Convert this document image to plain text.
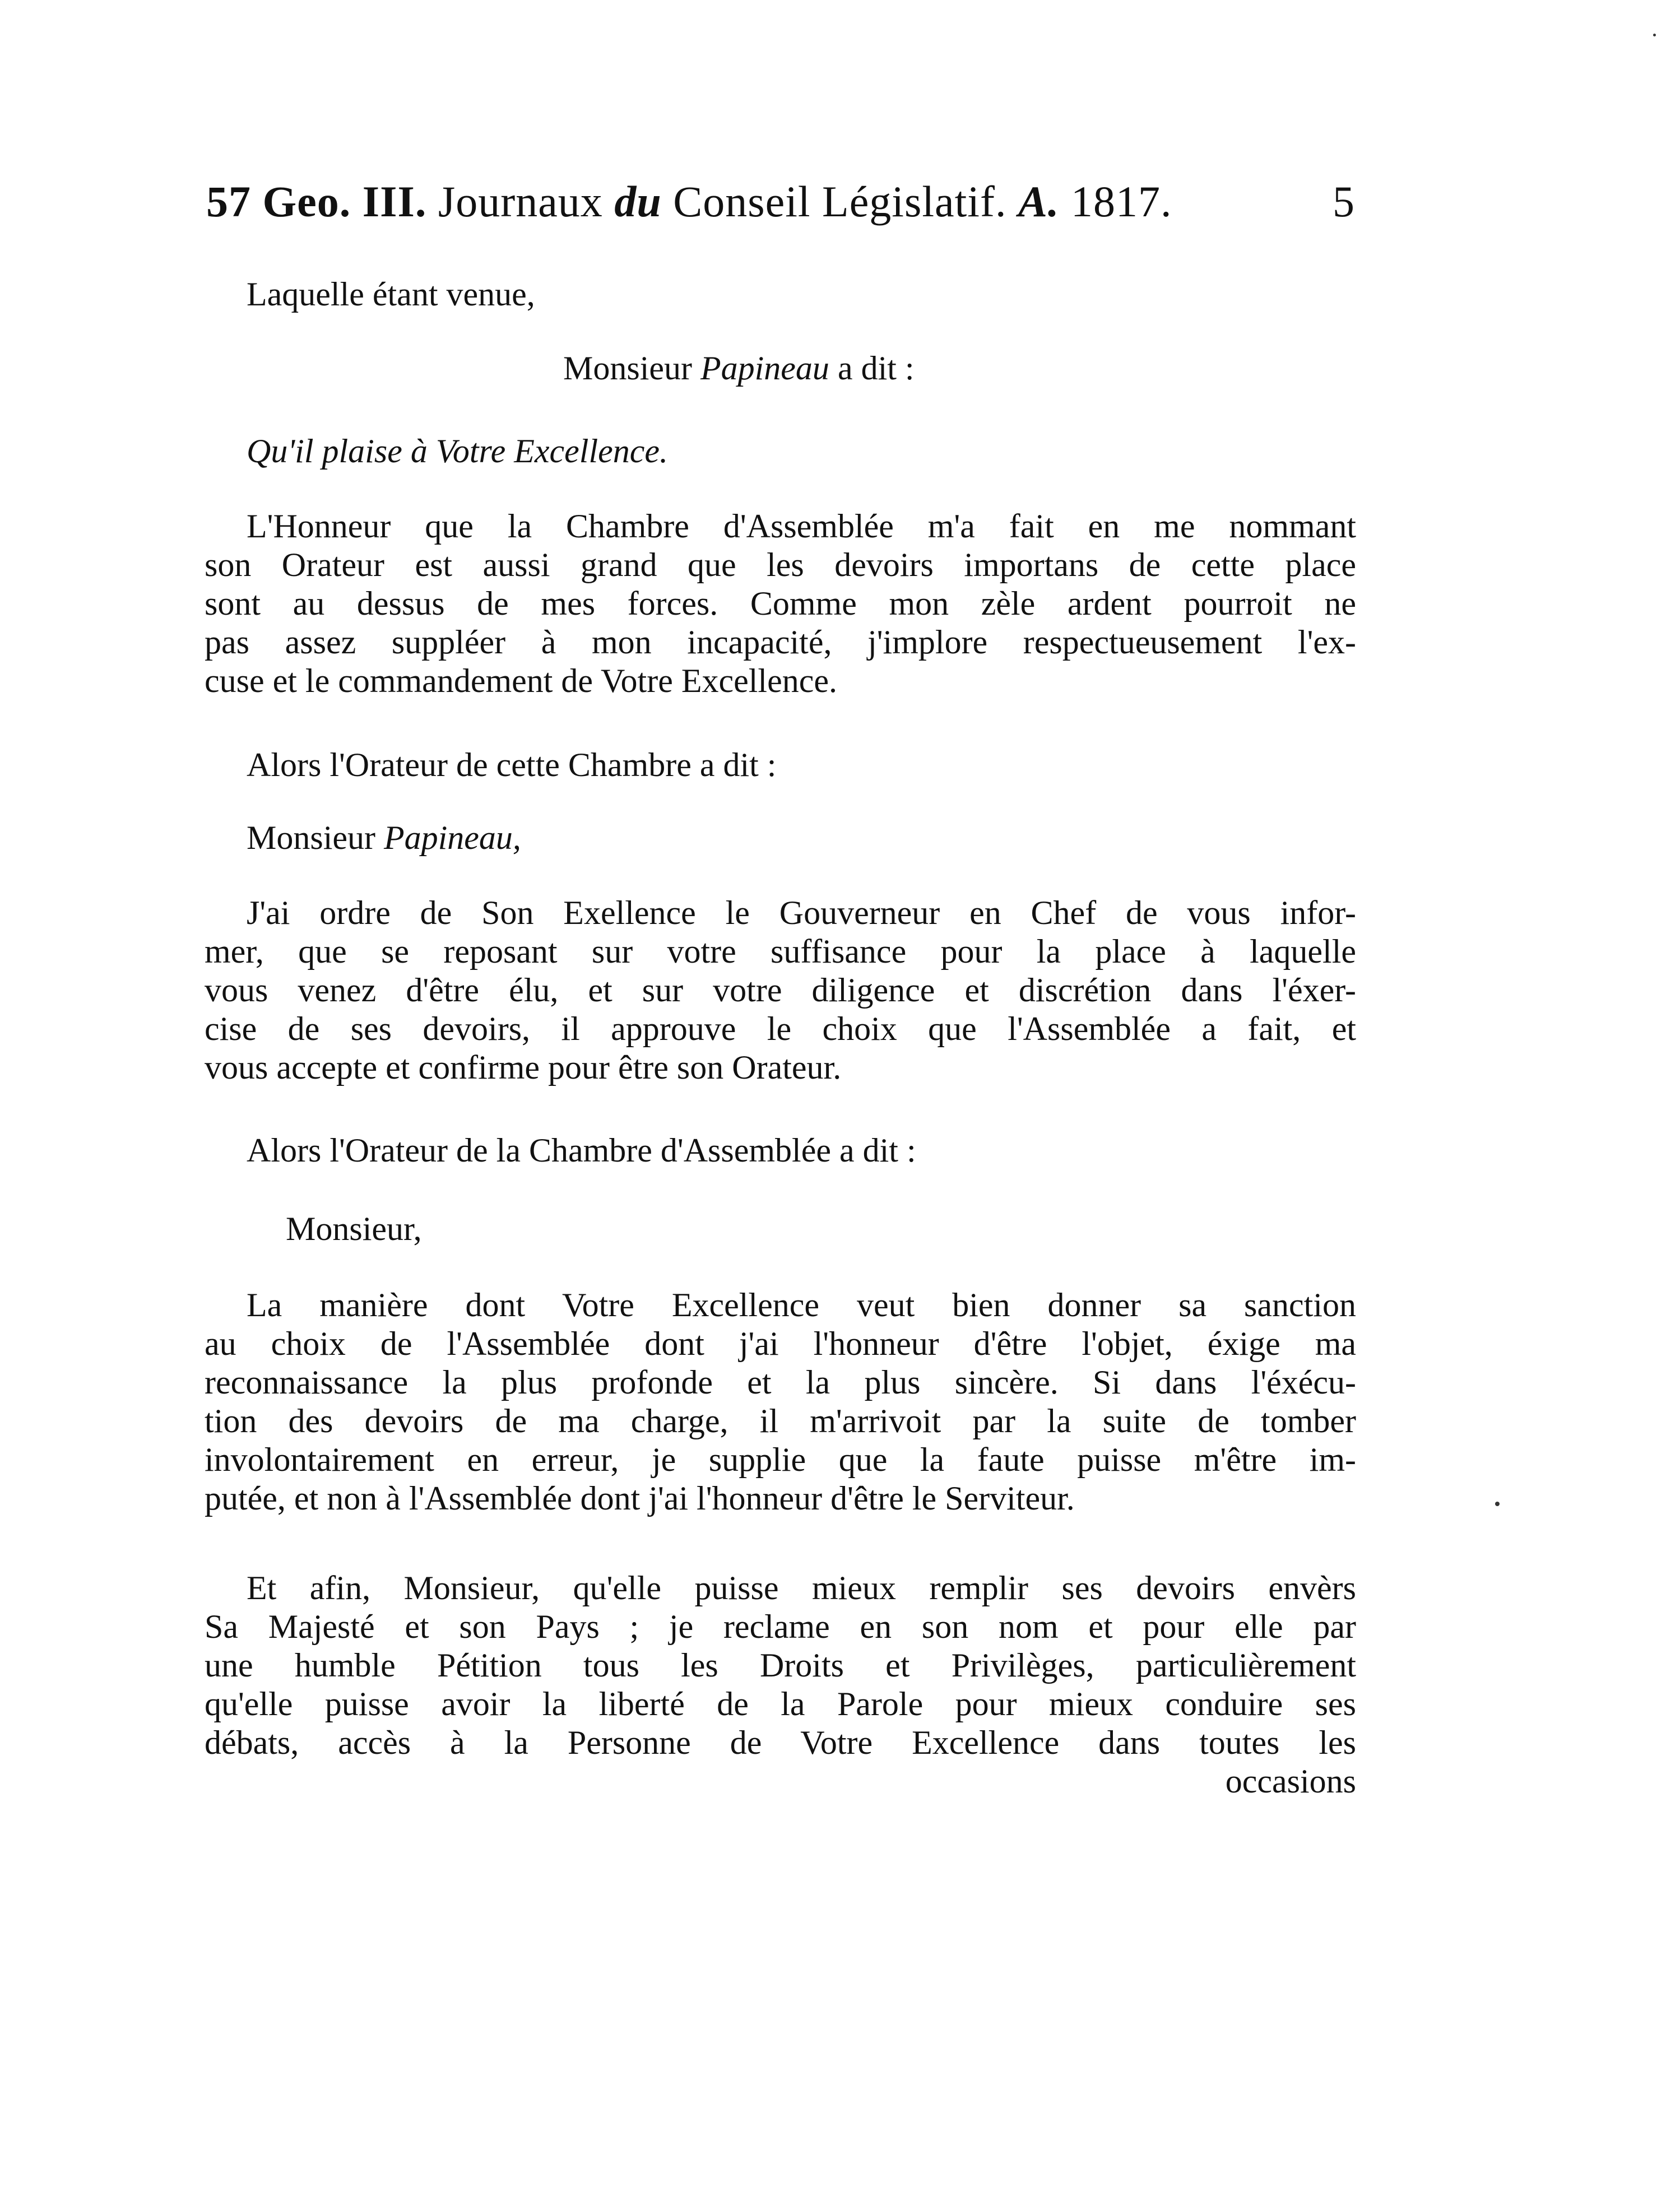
57 Geo. III. Journaux du Conseil Législatif. A. 1817.	5
Laquelle étant venue,
Monsieur Papineau a dit :
Qu'il plaise à Votre Excellence.
L'Honneur que la Chambre d'Assemblée m'a fait en me nommant
son Orateur est aussi grand que les devoirs importans de cette place
sont au dessus de mes forces. Comme mon zèle ardent pourroit ne
pas assez suppléer à mon incapacité, j'implore respectueusement l'ex-
cuse et le commandement de Votre Excellence.
Alors l'Orateur de cette Chambre a dit :
Monsieur Papineau,
J'ai ordre de Son Exellence le Gouverneur en Chef de vous infor-
mer, que se reposant sur votre suffisance pour la place à laquelle
vous venez d'être élu, et sur votre diligence et discrétion dans l'éxer-
cise de ses devoirs, il approuve le choix que l'Assemblée a fait, et
vous accepte et confirme pour être son Orateur.
Alors l'Orateur de la Chambre d'Assemblée a dit :
Monsieur,
La manière dont Votre Excellence veut bien donner sa sanction
au choix de l'Assemblée dont j'ai l'honneur d'être l'objet, éxige ma
reconnaissance la plus profonde et la plus sincère. Si dans l'éxécu-
tion des devoirs de ma charge, il m'arrivoit par la suite de tomber
involontairement en erreur, je supplie que la faute puisse m'être im-
putée, et non à l'Assemblée dont j'ai l'honneur d'être le Serviteur.
Et afin, Monsieur, qu'elle puisse mieux remplir ses devoirs envèrs
Sa Majesté et son Pays ; je reclame en son nom et pour elle par
une humble Pétition tous les Droits et Privilèges, particulièrement
qu'elle puisse avoir la liberté de la Parole pour mieux conduire ses
débats, accès à la Personne de Votre Excellence dans toutes les
occasions
